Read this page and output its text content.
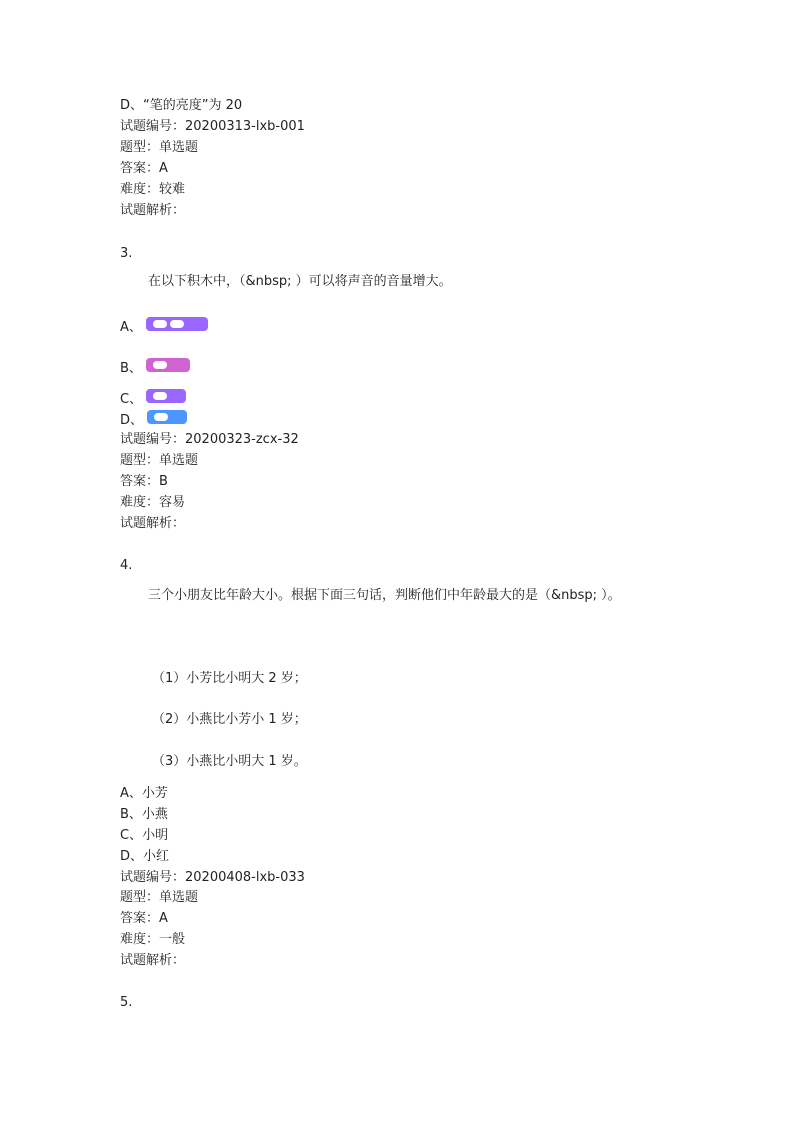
D、“笔的亮度”为 20
试题编号：20200313-lxb-001
题型：单选题
答案：A
难度：较难
试题解析：
3.
在以下积木中，（&nbsp; ）可以将声音的音量增大。
A、
B、
C、
D、
试题编号：20200323-zcx-32
题型：单选题
答案：B
难度：容易
试题解析：
4.
三个小朋友比年龄大小。根据下面三句话，判断他们中年龄最大的是（&nbsp; ）。
（1）小芳比小明大 2 岁；
（2）小燕比小芳小 1 岁；
（3）小燕比小明大 1 岁。
A、小芳
B、小燕
C、小明
D、小红
试题编号：20200408-lxb-033
题型：单选题
答案：A
难度：一般
试题解析：
5.
